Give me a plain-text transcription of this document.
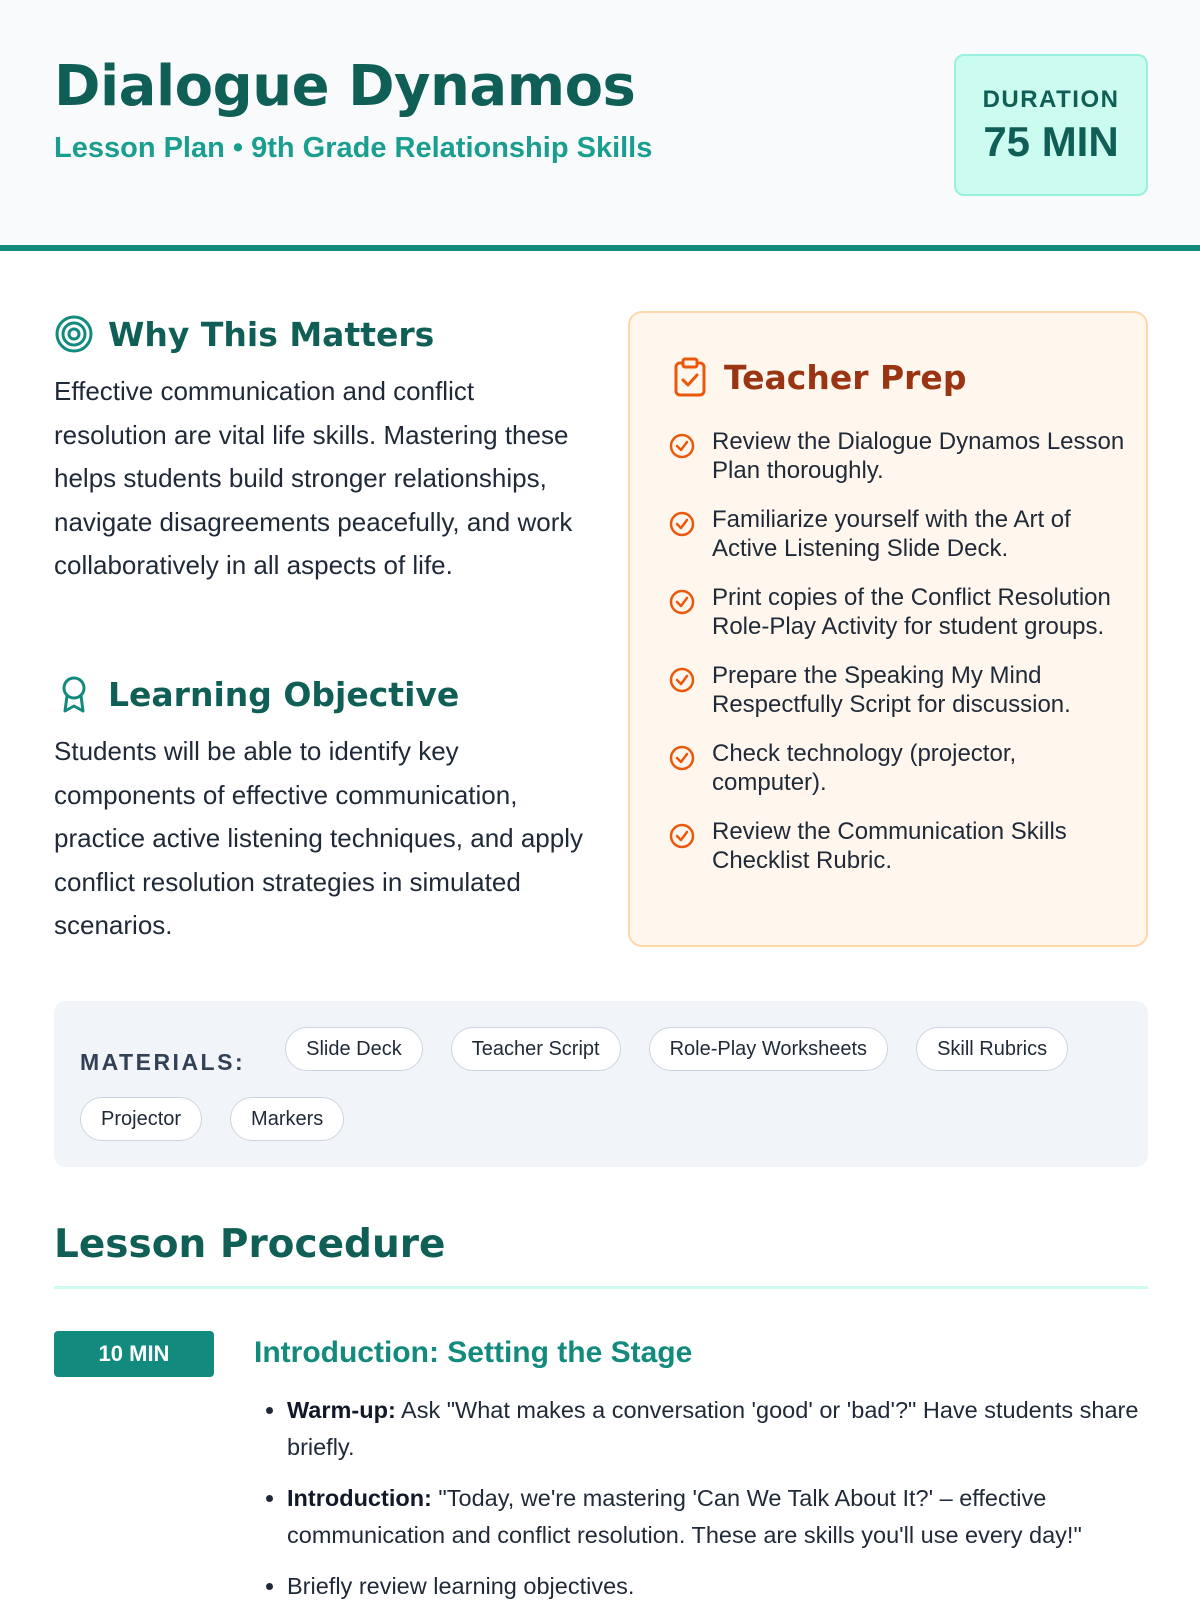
Dialogue Dynamos
Lesson Plan • 9th Grade Relationship Skills
DURATION
75 MIN
Why This Matters

Effective communication and conflict resolution are vital life skills. Mastering these helps students build stronger relationships, navigate disagreements peacefully, and work collaboratively in all aspects of life.

Learning Objective

Students will be able to identify key components of effective communication, practice active listening techniques, and apply conflict resolution strategies in simulated scenarios.

Teacher Prep
Review the Dialogue Dynamos Lesson Plan thoroughly.
Familiarize yourself with the Art of Active Listening Slide Deck.
Print copies of the Conflict Resolution Role-Play Activity for student groups.
Prepare the Speaking My Mind Respectfully Script for discussion.
Check technology (projector, computer).
Review the Communication Skills Checklist Rubric.
MATERIALS:	Slide Deck	Teacher Script	Role-Play Worksheets	Skill Rubrics
Projector	Markers
Lesson Procedure
10 MIN	Introduction: Setting the Stage
• Warm-up: Ask "What makes a conversation 'good' or 'bad'?" Have students share briefly.
• Introduction: "Today, we're mastering 'Can We Talk About It?' – effective communication and conflict resolution. These are skills you'll use every day!"
• Briefly review learning objectives.
